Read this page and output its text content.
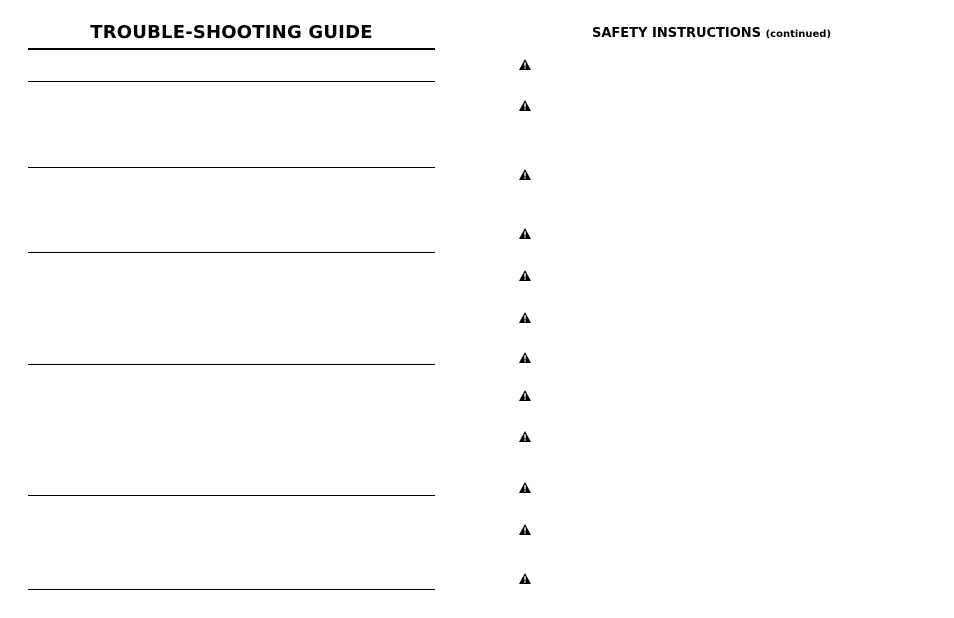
TROUBLE-SHOOTING GUIDE	SAFETY INSTRUCTIONS (continued)
